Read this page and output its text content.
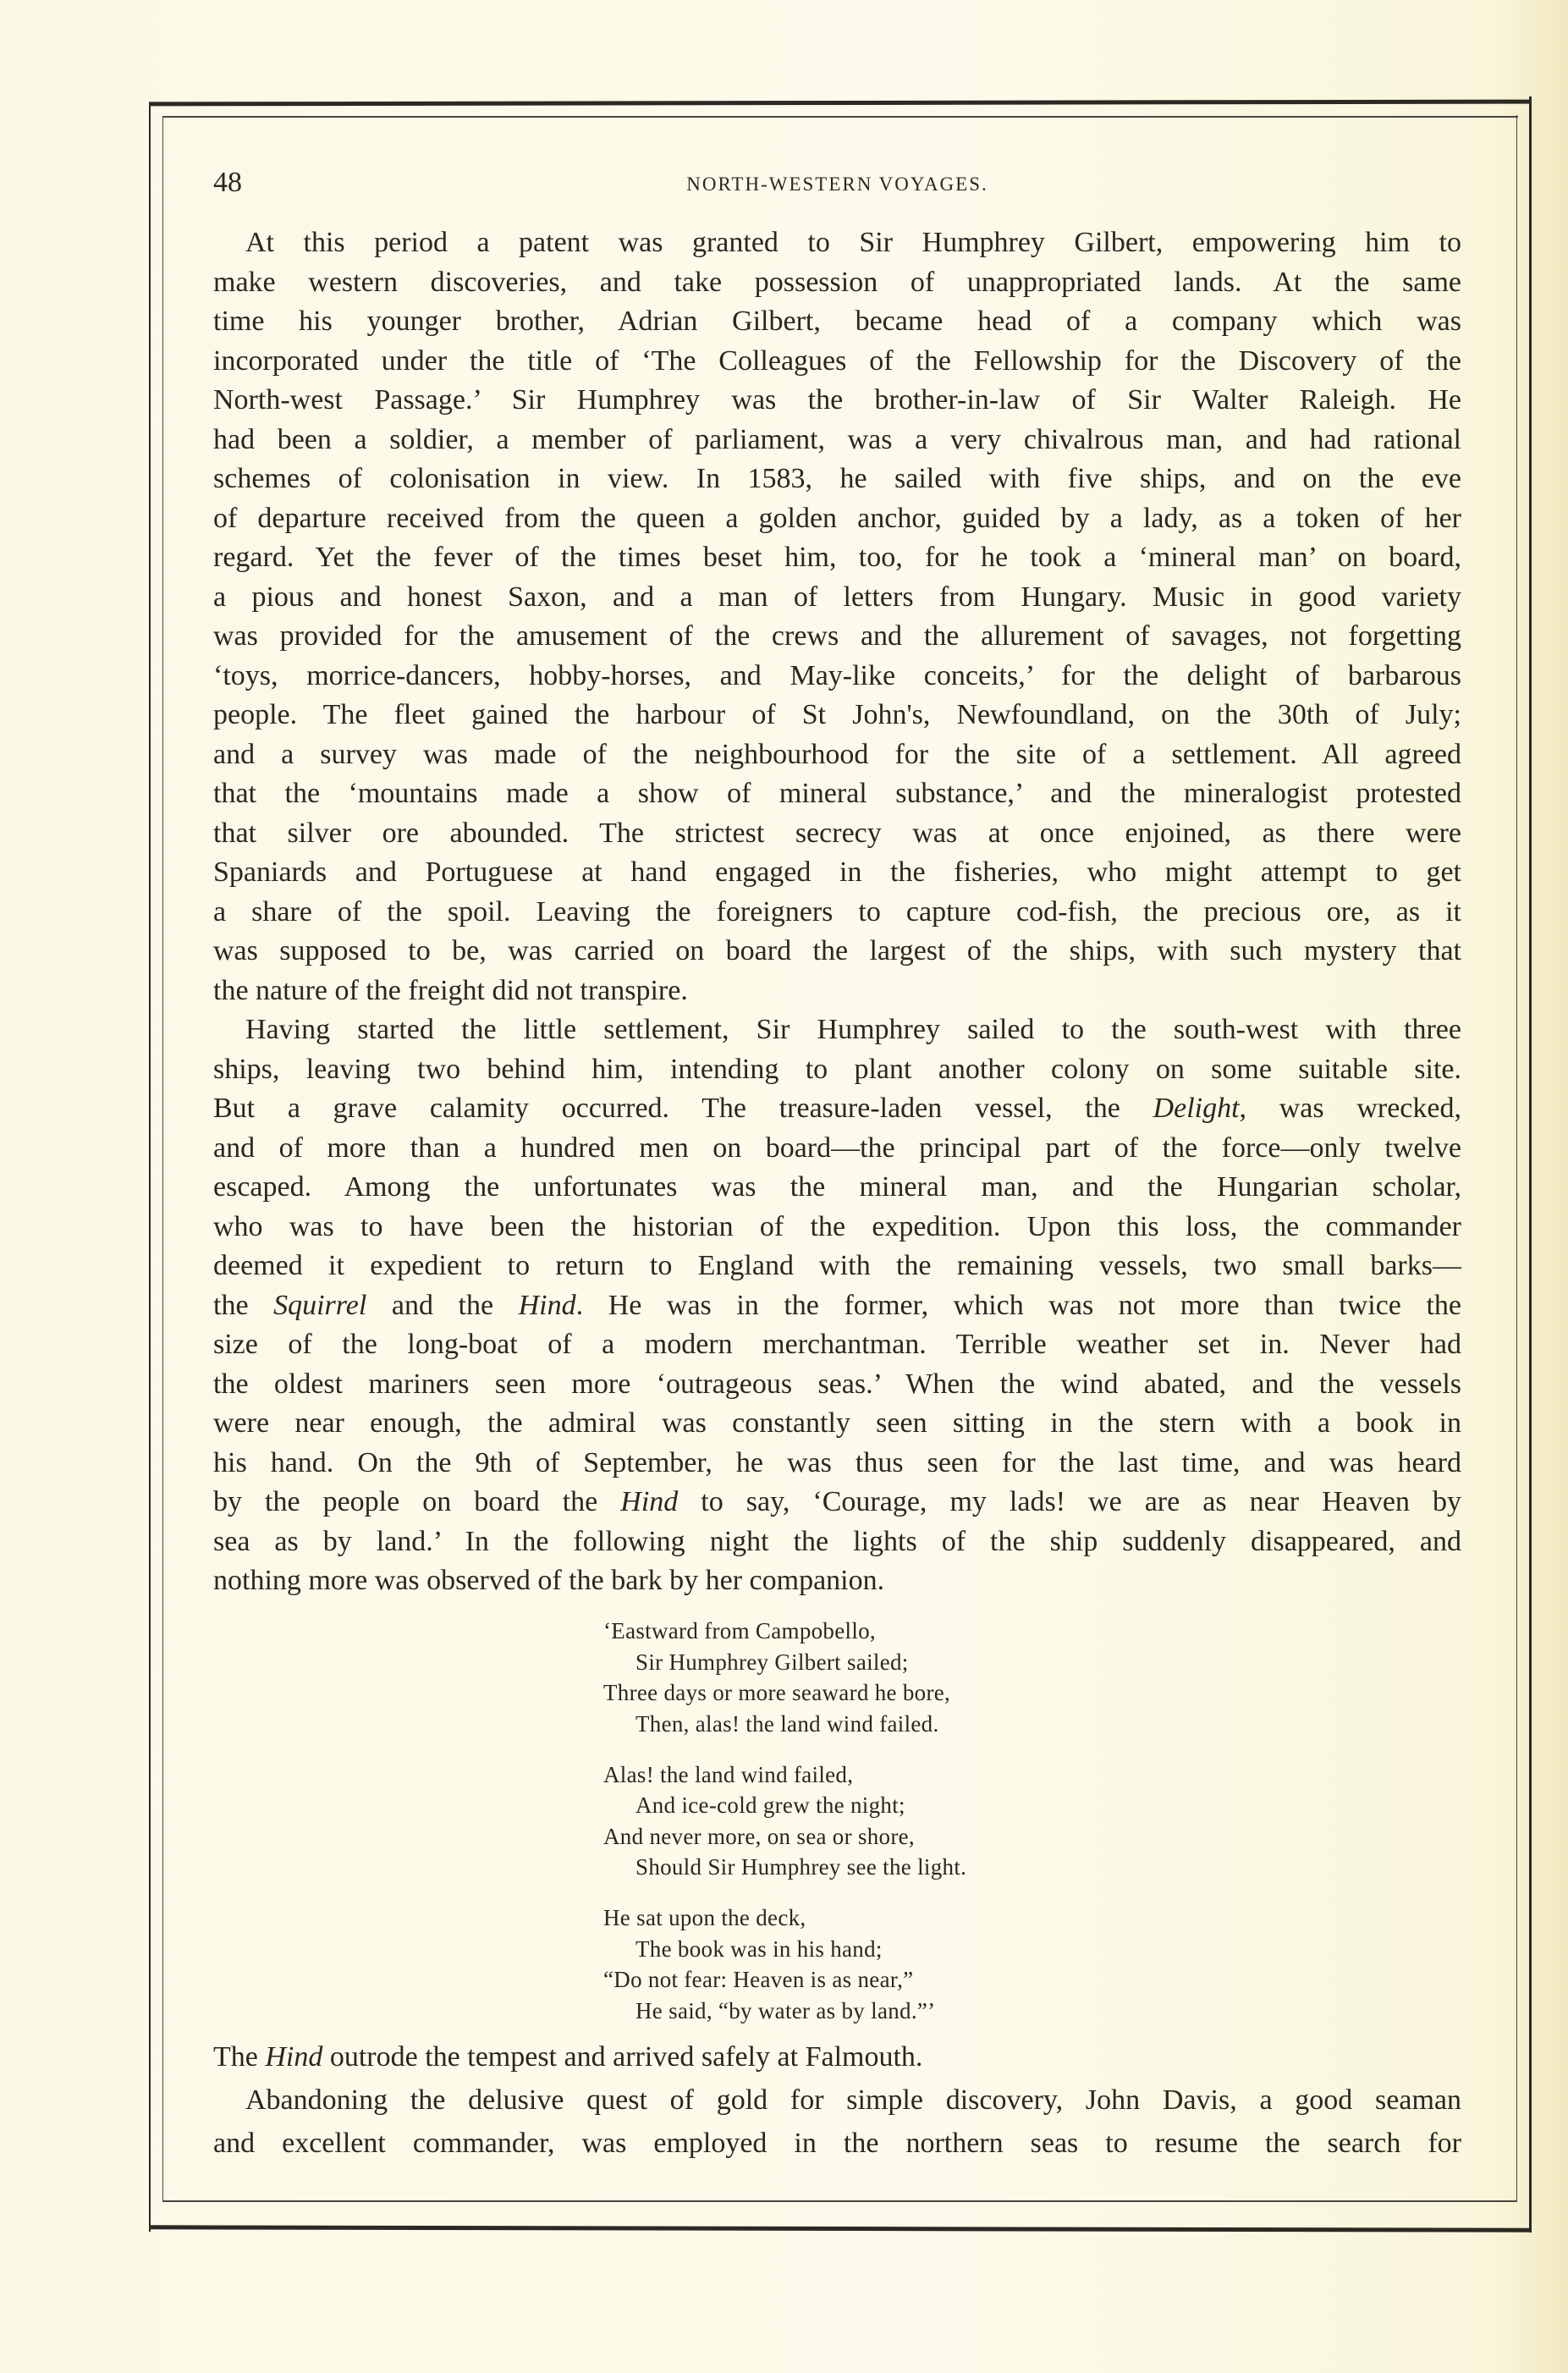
48	NORTH-WESTERN VOYAGES.
At this period a patent was granted to Sir Humphrey Gilbert, empowering him to
make western discoveries, and take possession of unappropriated lands. At the same
time his younger brother, Adrian Gilbert, became head of a company which was
incorporated under the title of ‘The Colleagues of the Fellowship for the Discovery of the
North-west Passage.’ Sir Humphrey was the brother-in-law of Sir Walter Raleigh. He
had been a soldier, a member of parliament, was a very chivalrous man, and had rational
schemes of colonisation in view. In 1583, he sailed with five ships, and on the eve
of departure received from the queen a golden anchor, guided by a lady, as a token of her
regard. Yet the fever of the times beset him, too, for he took a ‘mineral man’ on board,
a pious and honest Saxon, and a man of letters from Hungary. Music in good variety
was provided for the amusement of the crews and the allurement of savages, not forgetting
‘toys, morrice-dancers, hobby-horses, and May-like conceits,’ for the delight of barbarous
people. The fleet gained the harbour of St John's, Newfoundland, on the 30th of July;
and a survey was made of the neighbourhood for the site of a settlement. All agreed
that the ‘mountains made a show of mineral substance,’ and the mineralogist protested
that silver ore abounded. The strictest secrecy was at once enjoined, as there were
Spaniards and Portuguese at hand engaged in the fisheries, who might attempt to get
a share of the spoil. Leaving the foreigners to capture cod-fish, the precious ore, as it
was supposed to be, was carried on board the largest of the ships, with such mystery that
the nature of the freight did not transpire.
Having started the little settlement, Sir Humphrey sailed to the south-west with three
ships, leaving two behind him, intending to plant another colony on some suitable site.
But a grave calamity occurred. The treasure-laden vessel, the Delight, was wrecked,
and of more than a hundred men on board—the principal part of the force—only twelve
escaped. Among the unfortunates was the mineral man, and the Hungarian scholar,
who was to have been the historian of the expedition. Upon this loss, the commander
deemed it expedient to return to England with the remaining vessels, two small barks—
the Squirrel and the Hind. He was in the former, which was not more than twice the
size of the long-boat of a modern merchantman. Terrible weather set in. Never had
the oldest mariners seen more ‘outrageous seas.’ When the wind abated, and the vessels
were near enough, the admiral was constantly seen sitting in the stern with a book in
his hand. On the 9th of September, he was thus seen for the last time, and was heard
by the people on board the Hind to say, ‘Courage, my lads! we are as near Heaven by
sea as by land.’ In the following night the lights of the ship suddenly disappeared, and
nothing more was observed of the bark by her companion.
‘Eastward from Campobello,
Sir Humphrey Gilbert sailed;
Three days or more seaward he bore,
Then, alas! the land wind failed.
Alas! the land wind failed,
And ice-cold grew the night;
And never more, on sea or shore,
Should Sir Humphrey see the light.
He sat upon the deck,
The book was in his hand;
“Do not fear: Heaven is as near,”
He said, “by water as by land.”’
The Hind outrode the tempest and arrived safely at Falmouth.
Abandoning the delusive quest of gold for simple discovery, John Davis, a good seaman
and excellent commander, was employed in the northern seas to resume the search for
